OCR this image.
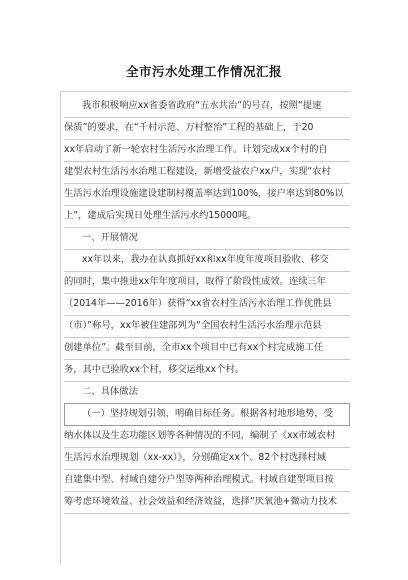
全市污水处理工作情况汇报
我市积极响应xx省委省政府“五水共治”的号召，按照“提速
保质”的要求，在“千村示范、万村整治”工程的基础上，于20
xx年启动了新一轮农村生活污水治理工作。计划完成xx个村的自
建型农村生活污水治理工程建设，新增受益农户xx户，实现“农村
生活污水治理设施建设建制村覆盖率达到100%，接户率达到80%以
上”，建成后实现日处理生活污水约15000吨。
一、开展情况
xx年以来，我办在认真抓好xx和xx年度年度项目验收、移交
的同时，集中推进xx年年度项目，取得了阶段性成效。连续三年
（2014年——2016年）获得“xx省农村生活污水治理工作优胜县
（市）”称号，xx年被住建部列为“全国农村生活污水治理示范县
创建单位”。截至目前，全市xx个项目中已有xx个村完成施工任
务，其中已验收xx个村，移交运维xx个村。
二、具体做法
（一）坚持规划引领，明确目标任务。根据各村地形地势，受
纳水体以及生态功能区划等各种情况的不同，编制了《xx市域农村
生活污水治理规划（xx-xx）》，分别确定xx个、82个村选择村域
自建集中型、村域自建分户型等两种治理模式。村域自建型项目按
筹考虑环境效益、社会效益和经济效益，选择“厌氧池+微动力技术
